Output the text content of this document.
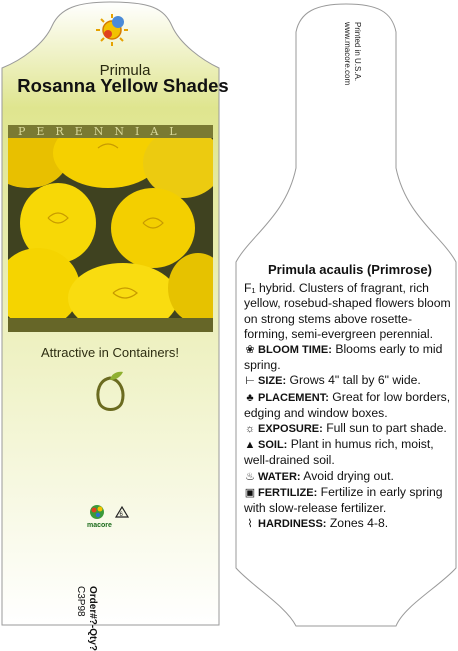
Primula
Rosanna Yellow Shades
PERENNIAL
Attractive in Containers!
macore
6
Order#?-Qty?
C3P98
Printed in U.S.A.
www.macore.com
Primula acaulis (Primrose)
F₁ hybrid. Clusters of fragrant, rich yellow, rosebud-shaped flowers bloom on strong stems above rosette-forming, semi-evergreen perennial.
❀ BLOOM TIME: Blooms early to mid spring.
⊢ SIZE: Grows 4" tall by 6" wide.
♣ PLACEMENT: Great for low borders, edging and window boxes.
☼ EXPOSURE: Full sun to part shade.
▲ SOIL: Plant in humus rich, moist, well-drained soil.
♨ WATER: Avoid drying out.
▣ FERTILIZE: Fertilize in early spring with slow-release fertilizer.
⌇ HARDINESS: Zones 4-8.
